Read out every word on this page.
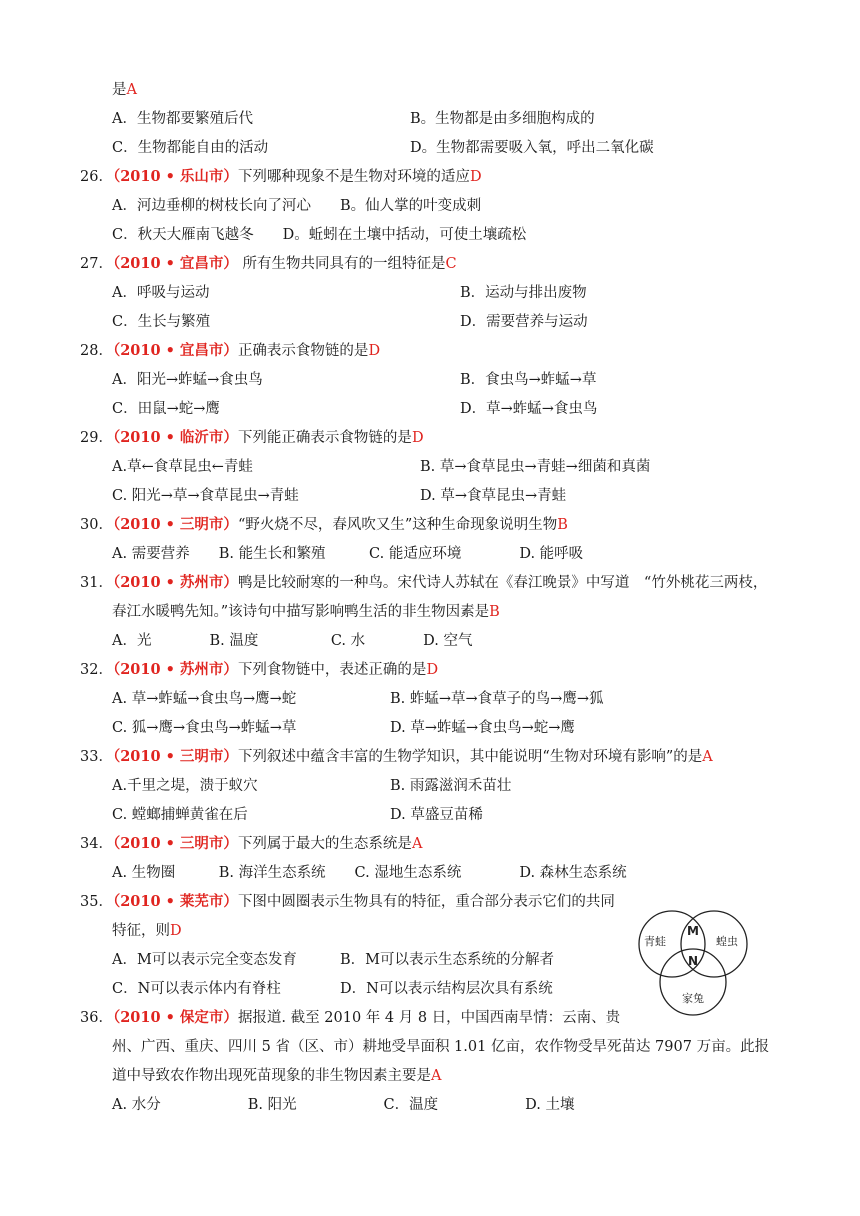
是A
A．生物都要繁殖后代	B。生物都是由多细胞构成的
C．生物都能自由的活动	D。生物都需要吸入氧，呼出二氧化碳
26．（2010 • 乐山市）下列哪种现象不是生物对环境的适应D
A．河边垂柳的树枝长向了河心　　B。仙人掌的叶变成刺
C．秋天大雁南飞越冬　　D。蚯蚓在土壤中括动，可使土壤疏松
27．（2010 • 宜昌市） 所有生物共同具有的一组特征是C
A．呼吸与运动	B．运动与排出废物
C．生长与繁殖	D．需要营养与运动
28．（2010 • 宜昌市）正确表示食物链的是D
A．阳光→蚱蜢→食虫鸟	B．食虫鸟→蚱蜢→草
C．田鼠→蛇→鹰	D．草→蚱蜢→食虫鸟
29．（2010 • 临沂市）下列能正确表示食物链的是D
A.草←食草昆虫←青蛙	B. 草→食草昆虫→青蛙→细菌和真菌
C. 阳光→草→食草昆虫→青蛙	D. 草→食草昆虫→青蛙
30．（2010 • 三明市）“野火烧不尽，春风吹又生”这种生命现象说明生物B
A. 需要营养　　B. 能生长和繁殖　　　C. 能适应环境　　　　D. 能呼吸
31．（2010 • 苏州市）鸭是比较耐寒的一种鸟。宋代诗人苏轼在《春江晚景》中写道　“竹外桃花三两枝，
春江水暖鸭先知。”该诗句中描写影响鸭生活的非生物因素是B
A．光　　　　B. 温度　　　　　C. 水　　　　D. 空气
32．（2010 • 苏州市）下列食物链中，表述正确的是D
A. 草→蚱蜢→食虫鸟→鹰→蛇	B. 蚱蜢→草→食草子的鸟→鹰→狐
C. 狐→鹰→食虫鸟→蚱蜢→草	D. 草→蚱蜢→食虫鸟→蛇→鹰
33．（2010 • 三明市）下列叙述中蕴含丰富的生物学知识，其中能说明“生物对环境有影响”的是A
A.千里之堤，溃于蚁穴	B. 雨露滋润禾苗壮
C. 螳螂捕蝉黄雀在后	D. 草盛豆苗稀
34．（2010 • 三明市）下列属于最大的生态系统是A
A. 生物圈　　　B. 海洋生态系统　　C. 湿地生态系统　　　　D. 森林生态系统
35．（2010 • 莱芜市）下图中圆圈表示生物具有的特征，重合部分表示它们的共同
特征，则D
A．M可以表示完全变态发育	B．M可以表示生态系统的分解者
C．N可以表示体内有脊柱	D．N可以表示结构层次具有系统
36．（2010 • 保定市）据报道. 截至 2010 年 4 月 8 日，中国西南旱情：云南、贵
州、广西、重庆、四川 5 省（区、市）耕地受旱面积 1.01 亿亩，农作物受旱死苗达 7907 万亩。此报
道中导致农作物出现死苗现象的非生物因素主要是A
A. 水分　　　　　　B. 阳光　　　　　　C．温度　　　　　　D. 土壤
青蛙	蝗虫
家兔
M
N
